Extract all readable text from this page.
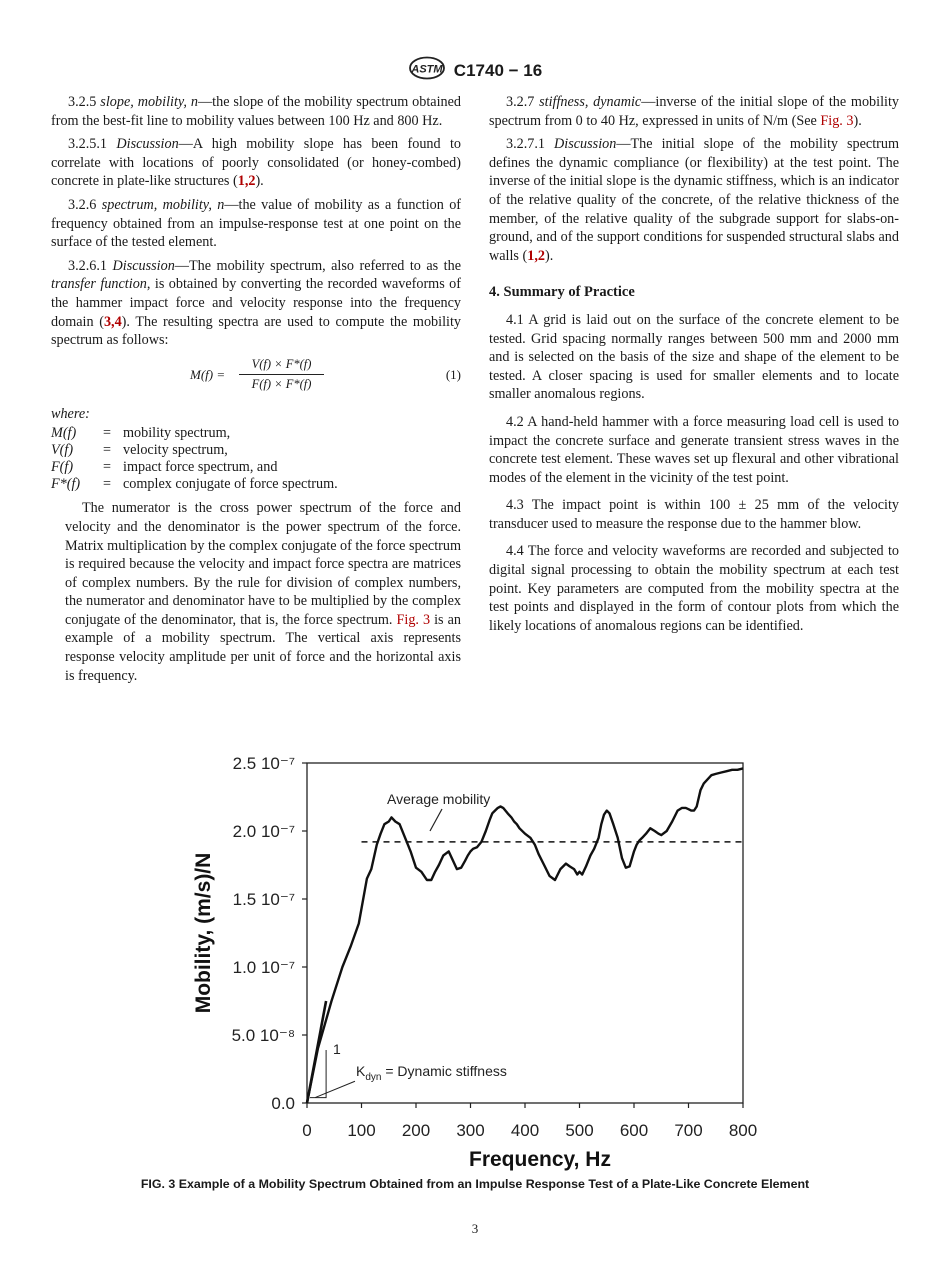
ASTM C1740 − 16

3.2.5 slope, mobility, n—the slope of the mobility spectrum obtained from the best-fit line to mobility values between 100 Hz and 800 Hz.

3.2.5.1 Discussion—A high mobility slope has been found to correlate with locations of poorly consolidated (or honey-combed) concrete in plate-like structures (1,2).

3.2.6 spectrum, mobility, n—the value of mobility as a function of frequency obtained from an impulse-response test at one point on the surface of the tested element.

3.2.6.1 Discussion—The mobility spectrum, also referred to as the transfer function, is obtained by converting the recorded waveforms of the hammer impact force and velocity response into the frequency domain (3,4). The resulting spectra are used to compute the mobility spectrum as follows:

$M(f) = \frac{V(f) \times F*(f)}{F(f) \times F*(f)}$	(1)
where:
M(f)	=	mobility spectrum,
V(f)	=	velocity spectrum,
F(f)	=	impact force spectrum, and
F*(f)	=	complex conjugate of force spectrum.

The numerator is the cross power spectrum of the force and velocity and the denominator is the power spectrum of the force. Matrix multiplication by the complex conjugate of the force spectrum is required because the velocity and impact force spectra are matrices of complex numbers. By the rule for division of complex numbers, the numerator and denominator have to be multiplied by the complex conjugate of the denominator, that is, the force spectrum. Fig. 3 is an example of a mobility spectrum. The vertical axis represents response velocity amplitude per unit of force and the horizontal axis is frequency.

3.2.7 stiffness, dynamic—inverse of the initial slope of the mobility spectrum from 0 to 40 Hz, expressed in units of N/m (See Fig. 3).

3.2.7.1 Discussion—The initial slope of the mobility spectrum defines the dynamic compliance (or flexibility) at the test point. The inverse of the initial slope is the dynamic stiffness, which is an indicator of the relative quality of the concrete, of the relative thickness of the member, of the relative quality of the subgrade support for slabs-on-ground, and of the support conditions for suspended structural slabs and walls (1,2).

4. Summary of Practice

4.1 A grid is laid out on the surface of the concrete element to be tested. Grid spacing normally ranges between 500 mm and 2000 mm and is selected on the basis of the size and shape of the element to be tested. A closer spacing is used for smaller elements and to locate smaller anomalous regions.

4.2 A hand-held hammer with a force measuring load cell is used to impact the concrete surface and generate transient stress waves in the concrete test element. These waves set up flexural and other vibrational modes of the element in the vicinity of the test point.

4.3 The impact point is within 100 ± 25 mm of the velocity transducer used to measure the response due to the hammer blow.

4.4 The force and velocity waveforms are recorded and subjected to digital signal processing to obtain the mobility spectrum at each test point. Key parameters are computed from the mobility spectra at the test points and displayed in the form of contour plots from which the likely locations of anomalous regions can be identified.

0.0
5.0 10⁻⁸
1.0 10⁻⁷
1.5 10⁻⁷
2.0 10⁻⁷
2.5 10⁻⁷
0 100 200 300 400 500 600 700 800
Average mobility
1
$K_{dyn}$ = Dynamic stiffness
Frequency, Hz
Mobility, (m/s)/N
FIG. 3 Example of a Mobility Spectrum Obtained from an Impulse Response Test of a Plate-Like Concrete Element
3
